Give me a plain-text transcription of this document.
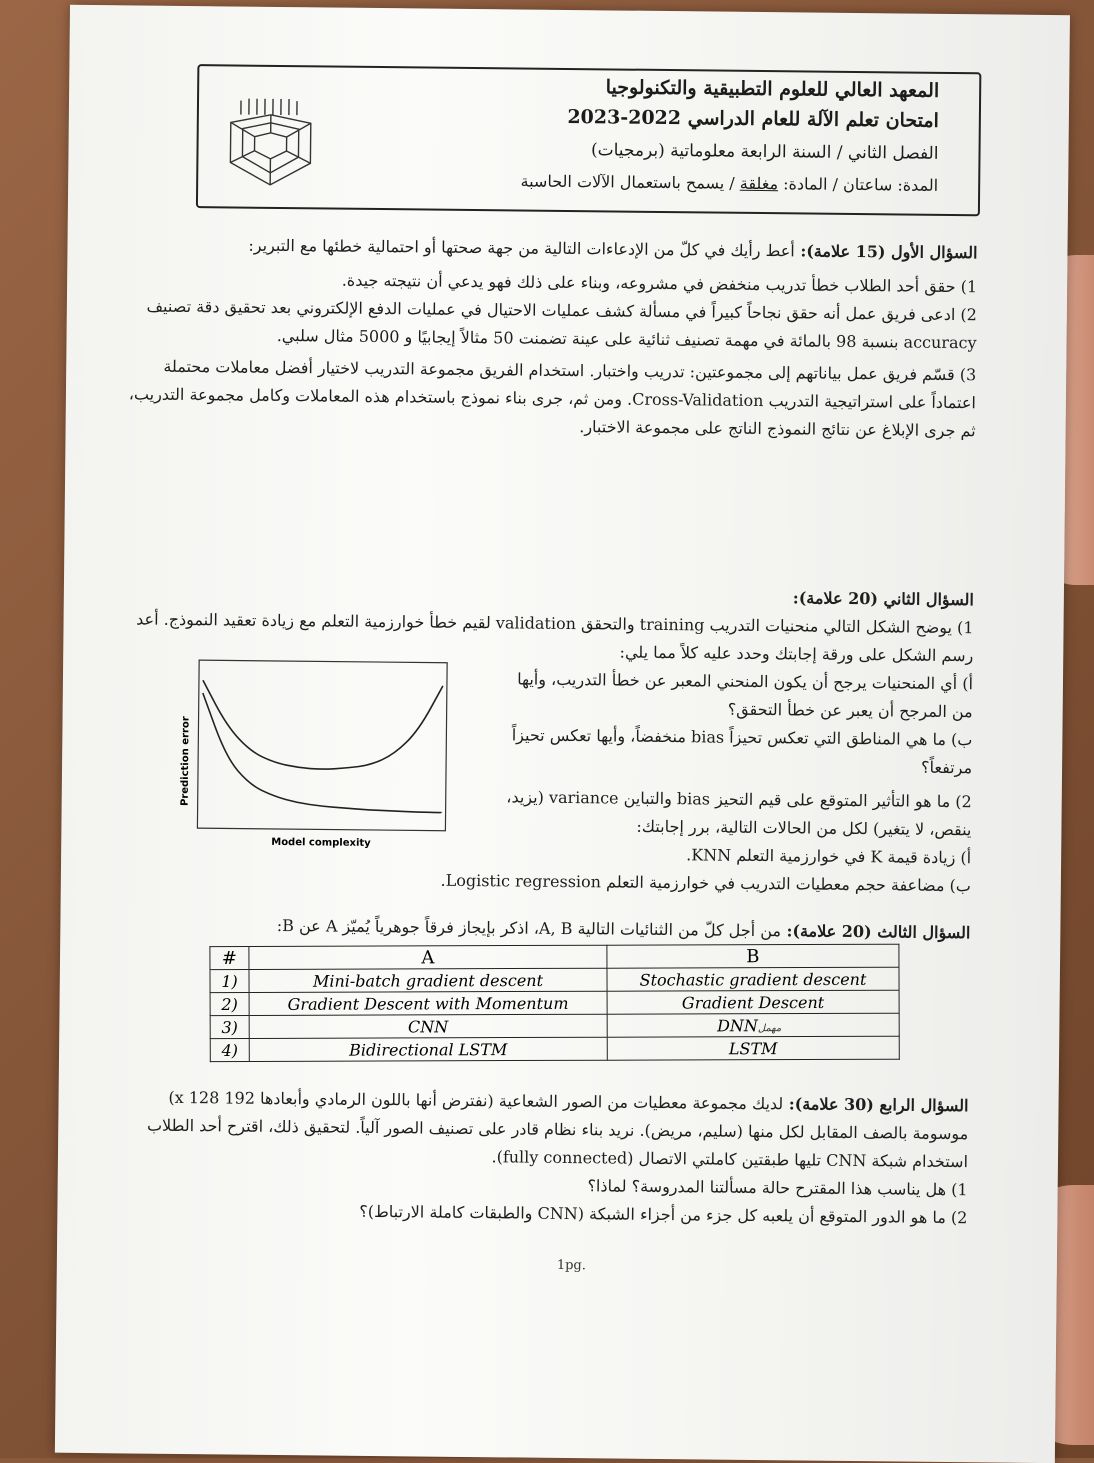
المعهد العالي للعلوم التطبيقية والتكنولوجيا
امتحان تعلم الآلة للعام الدراسي 2022-2023
الفصل الثاني / السنة الرابعة معلوماتية (برمجيات)
المدة: ساعتان / المادة: مغلقة / يسمح باستعمال الآلات الحاسبة

السؤال الأول (15 علامة): أعط رأيك في كلّ من الإدعاءات التالية من جهة صحتها أو احتمالية خطئها مع التبرير:

1) حقق أحد الطلاب خطأ تدريب منخفض في مشروعه، وبناء على ذلك فهو يدعي أن نتيجته جيدة.

2) ادعى فريق عمل أنه حقق نجاحاً كبيراً في مسألة كشف عمليات الاحتيال في عمليات الدفع الإلكتروني بعد تحقيق دقة تصنيف accuracy بنسبة 98 بالمائة في مهمة تصنيف ثنائية على عينة تضمنت 50 مثالاً إيجابيًا و 5000 مثال سلبي.

3) قسّم فريق عمل بياناتهم إلى مجموعتين: تدريب واختبار. استخدام الفريق مجموعة التدريب لاختيار أفضل معاملات محتملة اعتماداً على استراتيجية التدريب Cross-Validation. ومن ثم، جرى بناء نموذج باستخدام هذه المعاملات وكامل مجموعة التدريب، ثم جرى الإبلاغ عن نتائج النموذج الناتج على مجموعة الاختبار.

السؤال الثاني (20 علامة):

1) يوضح الشكل التالي منحنيات التدريب training والتحقق validation لقيم خطأ خوارزمية التعلم مع زيادة تعقيد النموذج. أعد رسم الشكل على ورقة إجابتك وحدد عليه كلاً مما يلي:

أ) أي المنحنيات يرجح أن يكون المنحني المعبر عن خطأ التدريب، وأيها من المرجح أن يعبر عن خطأ التحقق؟

ب) ما هي المناطق التي تعكس تحيزاً bias منخفضاً، وأيها تعكس تحيزاً مرتفعاً؟

2) ما هو التأثير المتوقع على قيم التحيز bias والتباين variance (يزيد، ينقص، لا يتغير) لكل من الحالات التالية، برر إجابتك:

أ) زيادة قيمة K في خوارزمية التعلم KNN.

ب) مضاعفة حجم معطيات التدريب في خوارزمية التعلم Logistic regression.

Prediction error
Model complexity

السؤال الثالث (20 علامة): من أجل كلّ من الثنائيات التالية A, B، اذكر بإيجاز فرقاً جوهرياً يُميّز A عن B:

#	A	B
1)	Mini-batch gradient descent	Stochastic gradient descent
2)	Gradient Descent with Momentum	Gradient Descent
3)	CNN	DNNمهمل
4)	Bidirectional LSTM	LSTM

السؤال الرابع (30 علامة): لديك مجموعة معطيات من الصور الشعاعية (نفترض أنها باللون الرمادي وأبعادها 192 x 128) موسومة بالصف المقابل لكل منها (سليم، مريض). نريد بناء نظام قادر على تصنيف الصور آلياً. لتحقيق ذلك، اقترح أحد الطلاب استخدام شبكة CNN تليها طبقتين كاملتي الاتصال (fully connected).

1) هل يناسب هذا المقترح حالة مسألتنا المدروسة؟ لماذا؟

2) ما هو الدور المتوقع أن يلعبه كل جزء من أجزاء الشبكة (CNN والطبقات كاملة الارتباط)؟

1pg.
